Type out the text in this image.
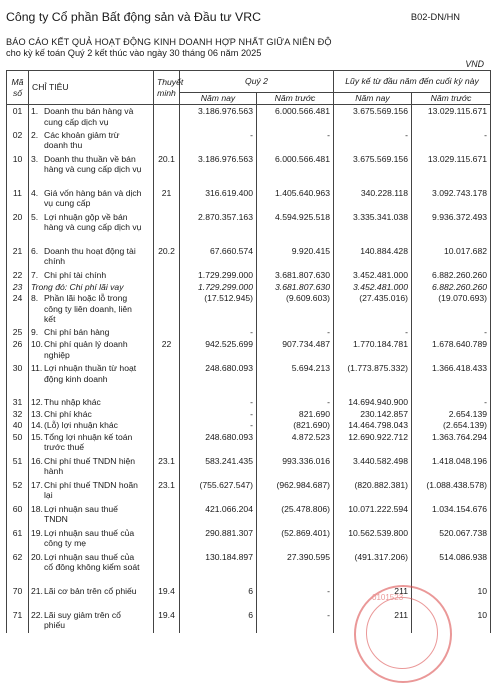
Công ty Cổ phần Bất động sản và Đầu tư VRC	B02-DN/HN
BÁO CÁO KẾT QUẢ HOẠT ĐỘNG KINH DOANH HỢP NHẤT GIỮA NIÊN ĐỘ
cho kỳ kế toán Quý 2 kết thúc vào ngày 30 tháng 06 năm 2025
VND
Mã số	CHỈ TIÊU	Thuyết minh	Quý 2		Lũy kế từ đầu năm đến cuối kỳ này	
			Năm nay	Năm trước	Năm nay	Năm trước
01	1. Doanh thu bán hàng và cung cấp dịch vụ		3.186.976.563	6.000.566.481	3.675.569.156	13.029.115.671
02	2. Các khoản giảm trừ doanh thu		-	-	-	-
10	3. Doanh thu thuần về bán hàng và cung cấp dịch vụ	20.1	3.186.976.563	6.000.566.481	3.675.569.156	13.029.115.671
11	4. Giá vốn hàng bán và dịch vụ cung cấp	21	316.619.400	1.405.640.963	340.228.118	3.092.743.178
20	5. Lợi nhuận gộp về bán hàng và cung cấp dịch vụ		2.870.357.163	4.594.925.518	3.335.341.038	9.936.372.493
21	6. Doanh thu hoạt động tài chính	20.2	67.660.574	9.920.415	140.884.428	10.017.682
22	7. Chi phí tài chính		1.729.299.000	3.681.807.630	3.452.481.000	6.882.260.260
23	Trong đó: Chi phí lãi vay		1.729.299.000	3.681.807.630	3.452.481.000	6.882.260.260
24	8. Phần lãi hoặc lỗ trong công ty liên doanh, liên kết		(17.512.945)	(9.609.603)	(27.435.016)	(19.070.693)
25	9. Chi phí bán hàng		-	-	-	-
26	10.Chi phí quản lý doanh nghiệp	22	942.525.699	907.734.487	1.770.184.781	1.678.640.789
30	11. Lợi nhuận thuần từ hoạt động kinh doanh		248.680.093	5.694.213	(1.773.875.332)	1.366.418.433
31	12.Thu nhập khác		-	-	14.694.940.900	-
32	13.Chi phí khác		-	821.690	230.142.857	2.654.139
40	14.(Lỗ) lợi nhuận khác		-	(821.690)	14.464.798.043	(2.654.139)
50	15.Tổng lợi nhuận kế toán trước thuế		248.680.093	4.872.523	12.690.922.712	1.363.764.294
51	16.Chi phí thuế TNDN hiện hành	23.1	583.241.435	993.336.016	3.440.582.498	1.418.048.196
52	17.Chi phí thuế TNDN hoãn lại	23.1	(755.627.547)	(962.984.687)	(820.882.381)	(1.088.438.578)
60	18.Lợi nhuận sau thuế TNDN		421.066.204	(25.478.806)	10.071.222.594	1.034.154.676
61	19.Lợi nhuận sau thuế của công ty mẹ		290.881.307	(52.869.401)	10.562.539.800	520.067.738
62	20.Lợi nhuận sau thuế của cổ đông không kiểm soát		130.184.897	27.390.595	(491.317.206)	514.086.938
70	21.Lãi cơ bản trên cổ phiếu	19.4	6	-	211	10
71	22.Lãi suy giảm trên cổ phiếu	19.4	6	-	211	10
0101523
